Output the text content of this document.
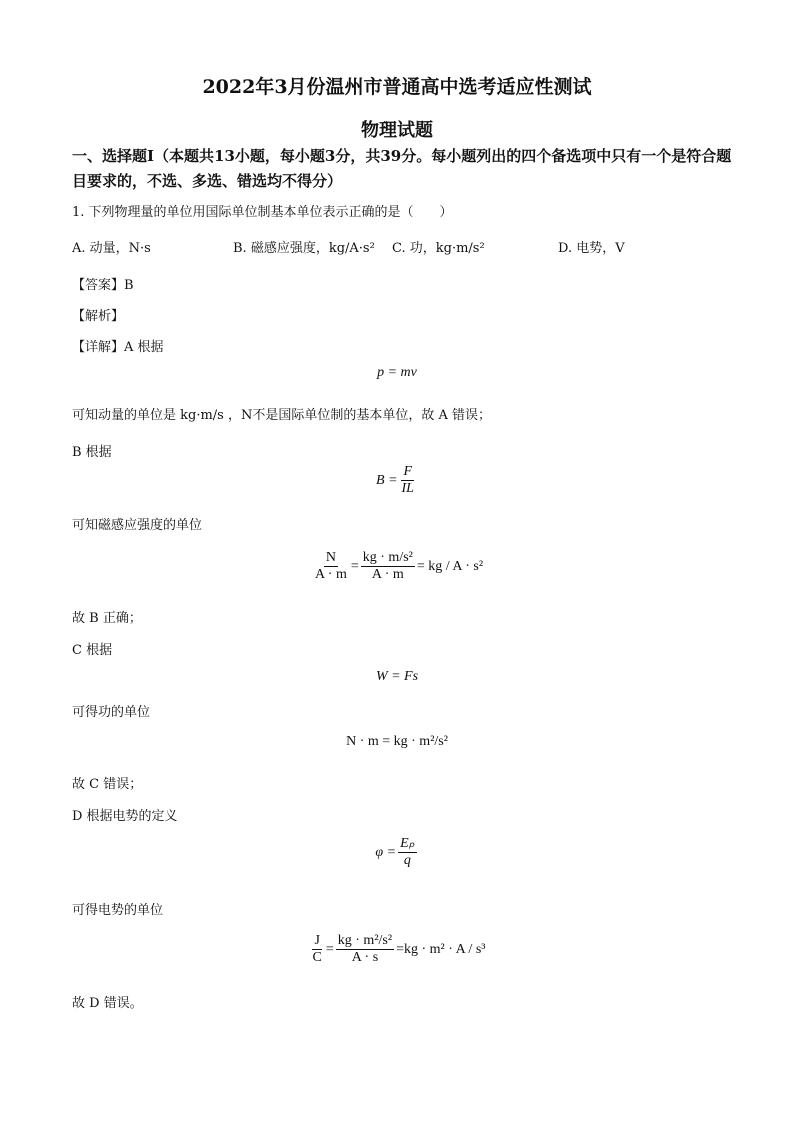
2022年3月份温州市普通高中选考适应性测试
物理试题
一、选择题Ⅰ（本题共13小题，每小题3分，共39分。每小题列出的四个备选项中只有一个是符合题目要求的，不选、多选、错选均不得分）
1. 下列物理量的单位用国际单位制基本单位表示正确的是（　　）
A. 动量，N·s	B. 磁感应强度，kg/A·s² C. 功，kg·m/s²	D. 电势，V
【答案】B
【解析】
【详解】A 根据
p = mv
可知动量的单位是 kg·m/s ，N不是国际单位制的基本单位，故 A 错误；
B 根据
$B = \frac{F}{IL}$
可知磁感应强度的单位
$\frac{N}{A \cdot m} = \frac{\text{kg · m/s²}}{A \cdot m}$ = kg / A · s²
故 B 正确；
C 根据
W = Fs
可得功的单位
N · m = kg · m²/s²
故 C 错误；
D 根据电势的定义
$\varphi = \frac{\text{Eₚ}}{q}$
可得电势的单位
$\frac{J}{C} = \frac{\text{kg · m²/s²}}{A \cdot s} =kg \cdot m^2 \cdot A / s^3$
故 D 错误。
